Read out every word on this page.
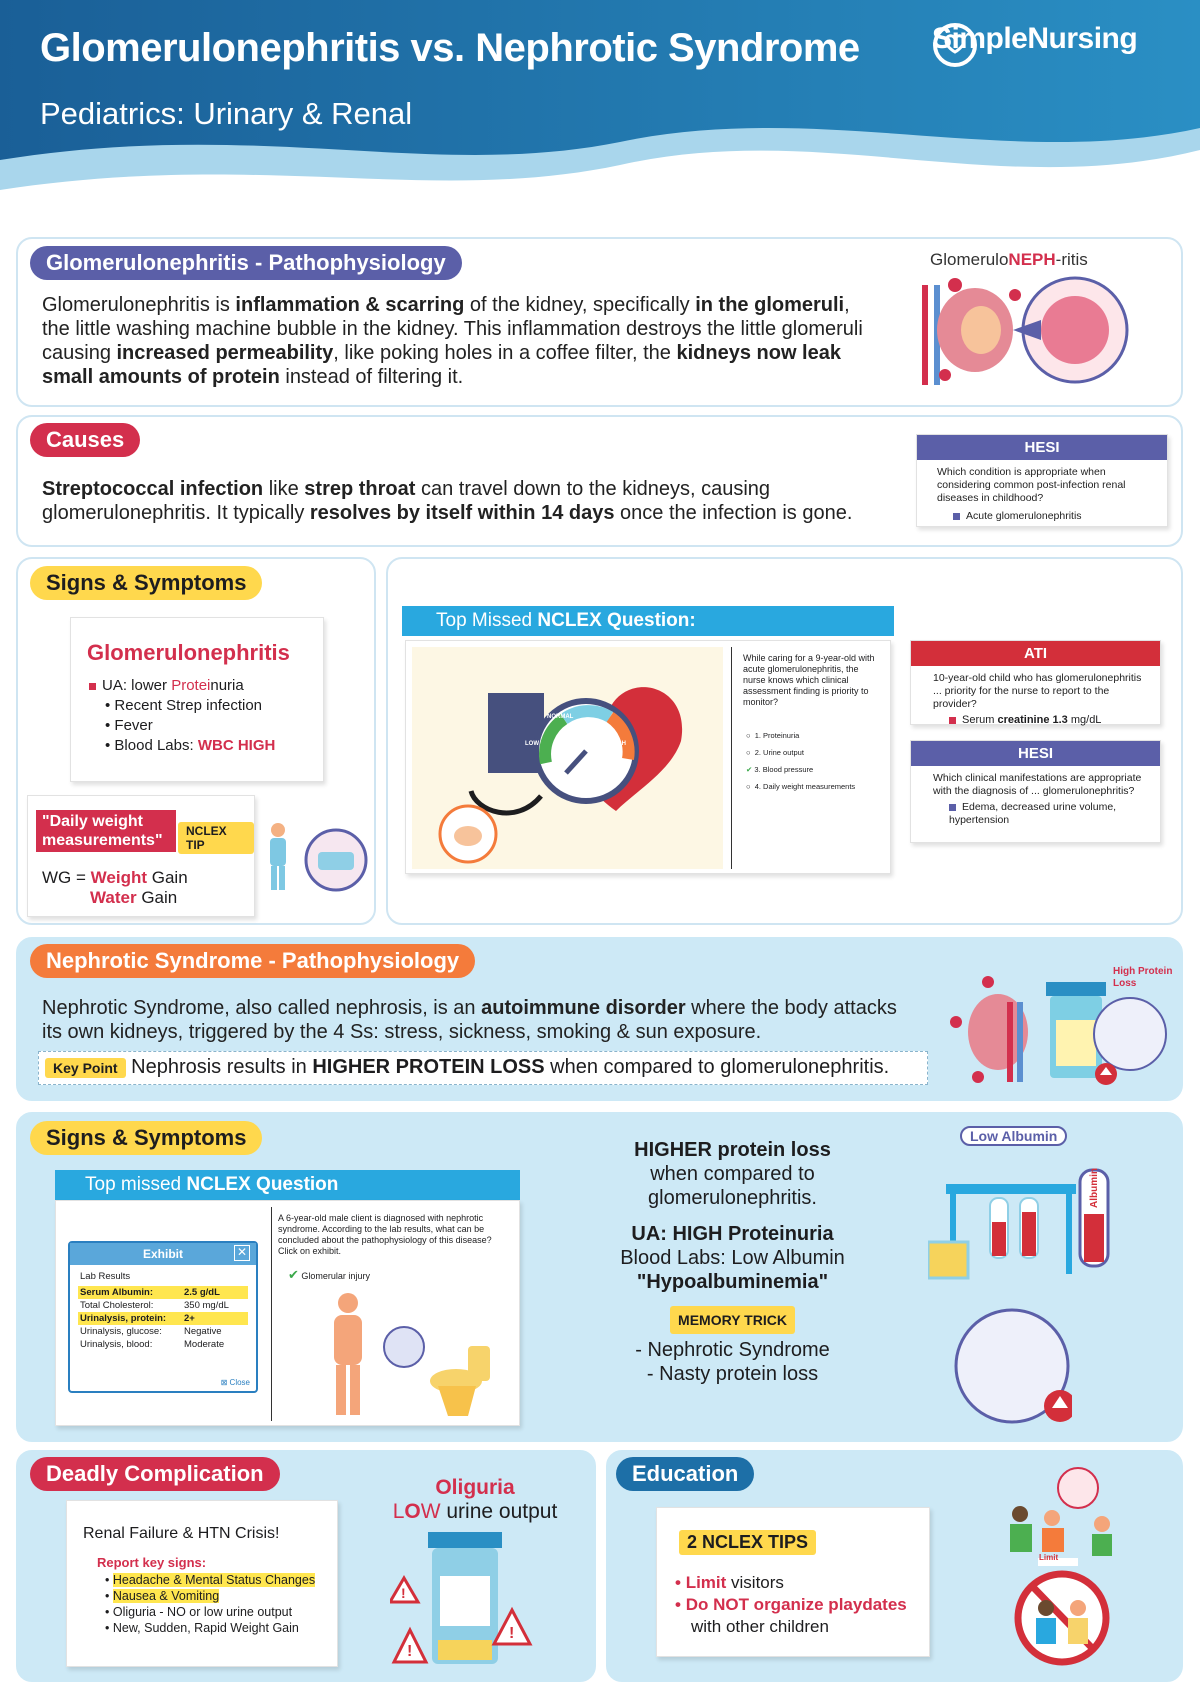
Glomerulonephritis vs. Nephrotic Syndrome
Pediatrics: Urinary & Renal
SimpleNursing
Glomerulonephritis - Pathophysiology
Glomerulonephritis is inflammation & scarring of the kidney, specifically in the glomeruli, the little washing machine bubble in the kidney. This inflammation destroys the little glomeruli causing increased permeability, like poking holes in a coffee filter, the kidneys now leak small amounts of protein instead of filtering it.
GlomeruloNEPH-ritis
Causes
Streptococcal infection like strep throat can travel down to the kidneys, causing glomerulonephritis. It typically resolves by itself within 14 days once the infection is gone.
HESI
Which condition is appropriate when considering common post-infection renal diseases in childhood?
Acute glomerulonephritis
Signs & Symptoms
Glomerulonephritis
UA: lower Proteinuria
• Recent Strep infection
• Fever
• Blood Labs: WBC HIGH
"Daily weight measurements"
NCLEX TIP
WG = Weight Gain
Water Gain
Top Missed NCLEX Question:
NORMAL
LOW	HIGH
While caring for a 9-year-old with acute glomerulonephritis, the nurse knows which clinical assessment finding is priority to monitor?
○  1. Proteinuria
○  2. Urine output
✔ 3. Blood pressure
○  4. Daily weight measurements
ATI
10-year-old child who has glomerulonephritis ... priority for the nurse to report to the provider?
Serum creatinine 1.3 mg/dL
HESI
Which clinical manifestations are appropriate with the diagnosis of ... glomerulonephritis?
Edema, decreased urine volume, hypertension
Nephrotic Syndrome - Pathophysiology
Nephrotic Syndrome, also called nephrosis, is an autoimmune disorder where the body attacks its own kidneys, triggered by the 4 Ss: stress, sickness, smoking & sun exposure.
Key Point Nephrosis results in HIGHER PROTEIN LOSS when compared to glomerulonephritis.
High Protein Loss
Signs & Symptoms
Top missed NCLEX Question
Exhibit	✕
Lab Results
Serum Albumin:	2.5 g/dL
Total Cholesterol:	350 mg/dL
Urinalysis, protein: 2+
Urinalysis, glucose: Negative
Urinalysis, blood:	Moderate
⊠ Close
A 6-year-old male client is diagnosed with nephrotic syndrome. According to the lab results, what can be concluded about the pathophysiology of this disease? Click on exhibit.
✔ Glomerular injury
HIGHER protein loss
when compared to glomerulonephritis.
UA: HIGH Proteinuria
Blood Labs: Low Albumin
"Hypoalbuminemia"
MEMORY TRICK
- Nephrotic Syndrome
- Nasty protein loss
Low Albumin
Albumin
Deadly Complication
Renal Failure & HTN Crisis!
Report key signs:
• Headache & Mental Status Changes
• Nausea & Vomiting
• Oliguria - NO or low urine output
• New, Sudden, Rapid Weight Gain
Oliguria
LOW urine output
!
!
!
Education
2 NCLEX TIPS
• Limit visitors
• Do NOT organize playdates
with other children
Limit
